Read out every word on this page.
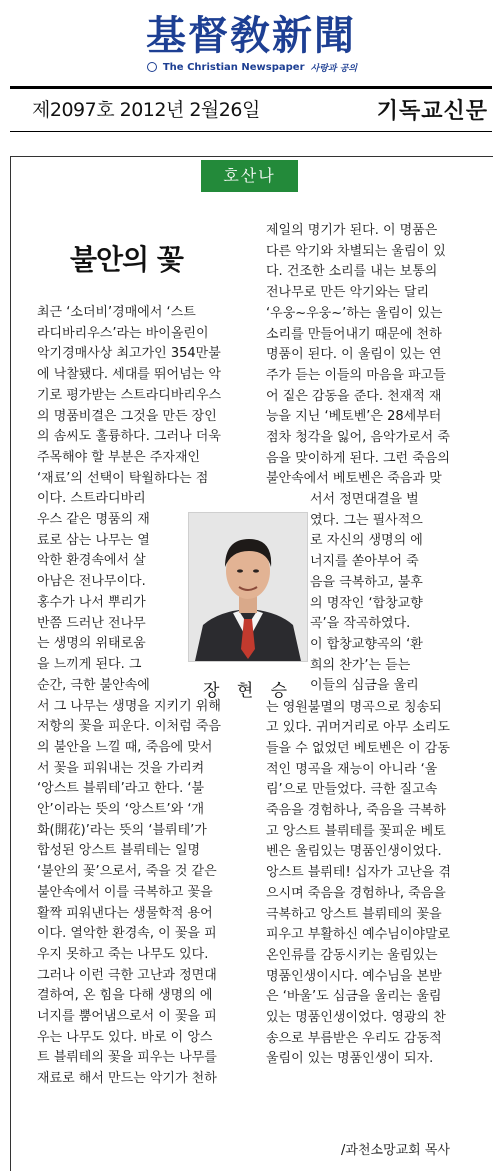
基督敎新聞
The Christian Newspaper 사랑과 공의
제2097호 2012년 2월26일	기독교신문
호산나
불안의 꽃
최근 ‘소더비’경매에서 ‘스트
라디바리우스’라는 바이올린이
악기경매사상 최고가인 354만불
에 낙찰됐다. 세대를 뛰어넘는 악
기로 평가받는 스트라디바리우스
의 명품비결은 그것을 만든 장인
의 솜씨도 훌륭하다. 그러나 더욱
주목해야 할 부분은 주자재인
‘재료’의 선택이 탁월하다는 점
이다. 스트라디바리
우스 같은 명품의 재
료로 삼는 나무는 열
악한 환경속에서 살
아남은 전나무이다.
홍수가 나서 뿌리가
반쯤 드러난 전나무
는 생명의 위태로움
을 느끼게 된다. 그
순간, 극한 불안속에
서 그 나무는 생명을 지키기 위해
저항의 꽃을 피운다. 이처럼 죽음
의 불안을 느낄 때, 죽음에 맞서
서 꽃을 피워내는 것을 가리켜
‘앙스트 블뤼테’라고 한다. ‘불
안’이라는 뜻의 ‘앙스트’와 ‘개
화(開花)’라는 뜻의 ‘블뤼테’가
합성된 앙스트 블뤼테는 일명
‘불안의 꽃’으로서, 죽을 것 같은
불안속에서 이를 극복하고 꽃을
활짝 피워낸다는 생물학적 용어
이다. 열악한 환경속, 이 꽃을 피
우지 못하고 죽는 나무도 있다.
그러나 이런 극한 고난과 정면대
결하여, 온 힘을 다해 생명의 에
너지를 뿜어냄으로서 이 꽃을 피
우는 나무도 있다. 바로 이 앙스
트 블뤼테의 꽃을 피우는 나무를
재료로 해서 만드는 악기가 천하
제일의 명기가 된다. 이 명품은
다른 악기와 차별되는 울림이 있
다. 건조한 소리를 내는 보통의
전나무로 만든 악기와는 달리
‘우웅~우웅~’하는 울림이 있는
소리를 만들어내기 때문에 천하
명품이 된다. 이 울림이 있는 연
주가 듣는 이들의 마음을 파고들
어 짙은 감동을 준다. 천재적 재
능을 지닌 ‘베토벤’은 28세부터
점차 청각을 잃어, 음악가로서 죽
음을 맞이하게 된다. 그런 죽음의
불안속에서 베토벤은 죽음과 맞
서서 정면대결을 벌
였다. 그는 필사적으
로 자신의 생명의 에
너지를 쏟아부어 죽
음을 극복하고, 불후
의 명작인 ‘합창교향
곡’을 작곡하였다.
이 합창교향곡의 ‘환
희의 찬가’는 듣는
이들의 심금을 울리
는 영원불멸의 명곡으로 칭송되
고 있다. 귀머거리로 아무 소리도
들을 수 없었던 베토벤은 이 감동
적인 명곡을 재능이 아니라 ‘울
림’으로 만들었다. 극한 질고속
죽음을 경험하나, 죽음을 극복하
고 앙스트 블뤼테를 꽃피운 베토
벤은 울림있는 명품인생이었다.
앙스트 블뤼테! 십자가 고난을 겪
으시며 죽음을 경험하나, 죽음을
극복하고 앙스트 블뤼테의 꽃을
피우고 부활하신 예수님이야말로
온인류를 감동시키는 울림있는
명품인생이시다. 예수님을 본받
은 ‘바울’도 심금을 울리는 울림
있는 명품인생이었다. 영광의 찬
송으로 부름받은 우리도 감동적
울림이 있는 명품인생이 되자.
장 현 승
/과천소망교회 목사
